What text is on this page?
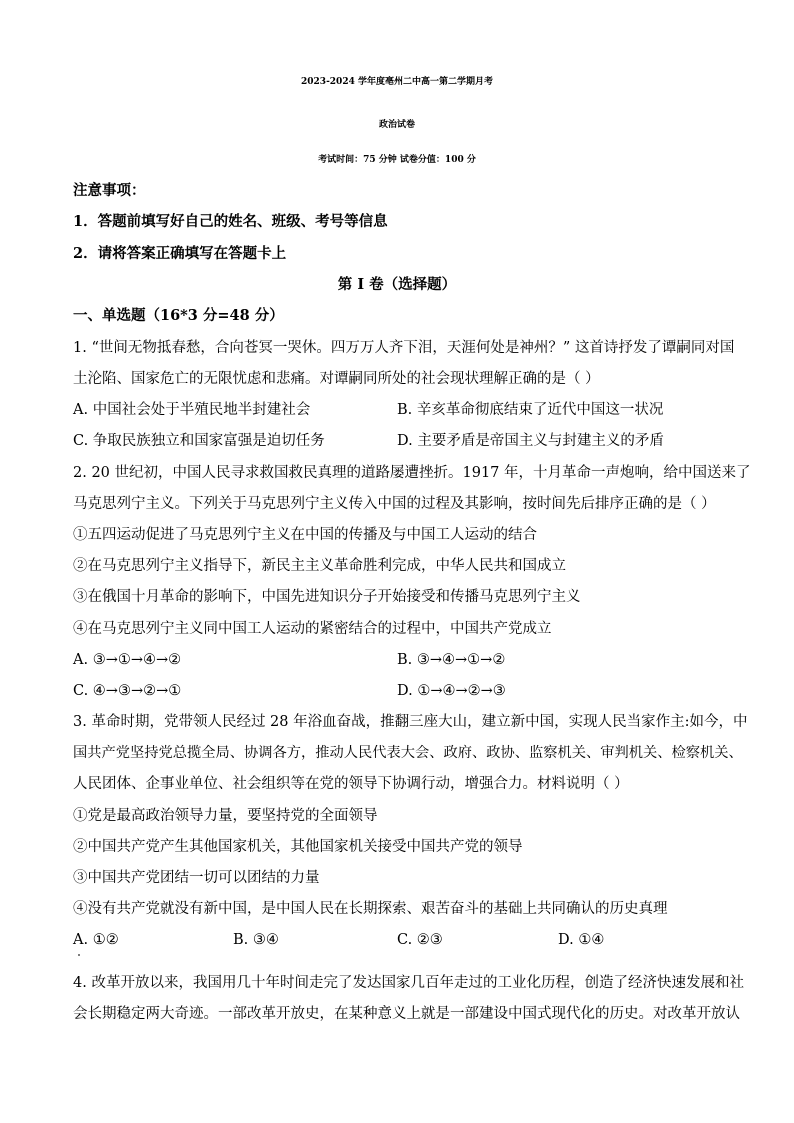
2023-2024 学年度亳州二中高一第二学期月考
政治试卷
考试时间：75 分钟 试卷分值：100 分
注意事项：
1．答题前填写好自己的姓名、班级、考号等信息
2．请将答案正确填写在答题卡上
第 I 卷（选择题）
一、单选题（16*3 分=48 分）
1. “世间无物抵春愁，合向苍冥一哭休。四万万人齐下泪，天涯何处是神州？” 这首诗抒发了谭嗣同对国
土沦陷、国家危亡的无限忧虑和悲痛。对谭嗣同所处的社会现状理解正确的是（ ）
A. 中国社会处于半殖民地半封建社会	B. 辛亥革命彻底结束了近代中国这一状况
C. 争取民族独立和国家富强是迫切任务	D. 主要矛盾是帝国主义与封建主义的矛盾
2. 20 世纪初，中国人民寻求救国救民真理的道路屡遭挫折。1917 年，十月革命一声炮响，给中国送来了
马克思列宁主义。下列关于马克思列宁主义传入中国的过程及其影响，按时间先后排序正确的是（ ）
①五四运动促进了马克思列宁主义在中国的传播及与中国工人运动的结合
②在马克思列宁主义指导下，新民主主义革命胜利完成，中华人民共和国成立
③在俄国十月革命的影响下，中国先进知识分子开始接受和传播马克思列宁主义
④在马克思列宁主义同中国工人运动的紧密结合的过程中，中国共产党成立
A. ③→①→④→②	B. ③→④→①→②
C. ④→③→②→①	D. ①→④→②→③
3. 革命时期，党带领人民经过 28 年浴血奋战，推翻三座大山，建立新中国，实现人民当家作主:如今，中
国共产党坚持党总揽全局、协调各方，推动人民代表大会、政府、政协、监察机关、审判机关、检察机关、
人民团体、企事业单位、社会组织等在党的领导下协调行动，增强合力。材料说明（ ）
①党是最高政治领导力量，要坚持党的全面领导
②中国共产党产生其他国家机关，其他国家机关接受中国共产党的领导
③中国共产党团结一切可以团结的力量
④没有共产党就没有新中国，是中国人民在长期探索、艰苦奋斗的基础上共同确认的历史真理
A. ①②	B. ③④	C. ②③	D. ①④
4. 改革开放以来，我国用几十年时间走完了发达国家几百年走过的工业化历程，创造了经济快速发展和社
会长期稳定两大奇迹。一部改革开放史，在某种意义上就是一部建设中国式现代化的历史。对改革开放认
